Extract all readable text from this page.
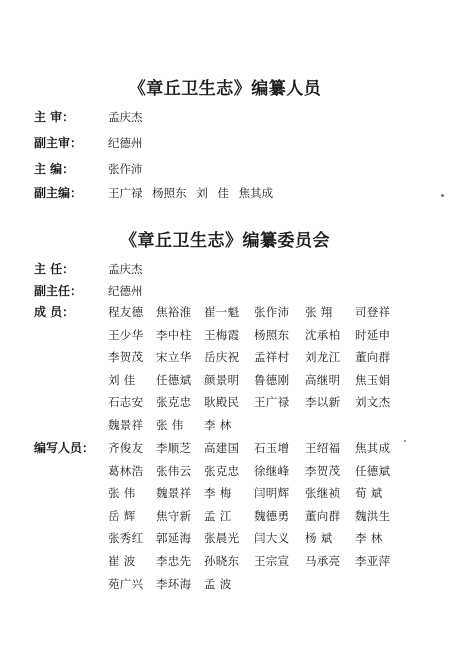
《章丘卫生志》编纂人员
主 审：	孟庆杰
副主审：	纪德州
主 编：	张作沛
副主编：	王广禄 杨照东 刘 佳 焦其成
《章丘卫生志》编纂委员会
主 任：	孟庆杰
副主任：	纪德州
成 员：	程友德 焦裕淮 崔一魁 张作沛 张 翔 司登祥
王少华 李中柱 王梅霞 杨照东 沈承柏 时延申
李贺茂 宋立华 岳庆祝 孟祥村 刘龙江 董向群
刘 佳 任德斌 颜景明 鲁德刚 高继明 焦玉娟
石志安 张克忠 耿殿民 王广禄 李以新 刘文杰
魏景祥 张 伟 李 林
编写人员：	齐俊友 李顺芝 高建国 石玉增 王绍福 焦其成
葛林浩 张伟云 张克忠 徐继峰 李贺茂 任德斌
张 伟 魏景祥 李 梅 闫明辉 张继祯 荀 斌
岳 辉 焦守新 孟 江 魏德勇 董向群 魏洪生
张秀红 郭延海 张晨光 闫大义 杨 斌 李 林
崔 波 李忠先 孙晓东 王宗宣 马承亮 李亚萍
苑广兴 李环海 孟 波
